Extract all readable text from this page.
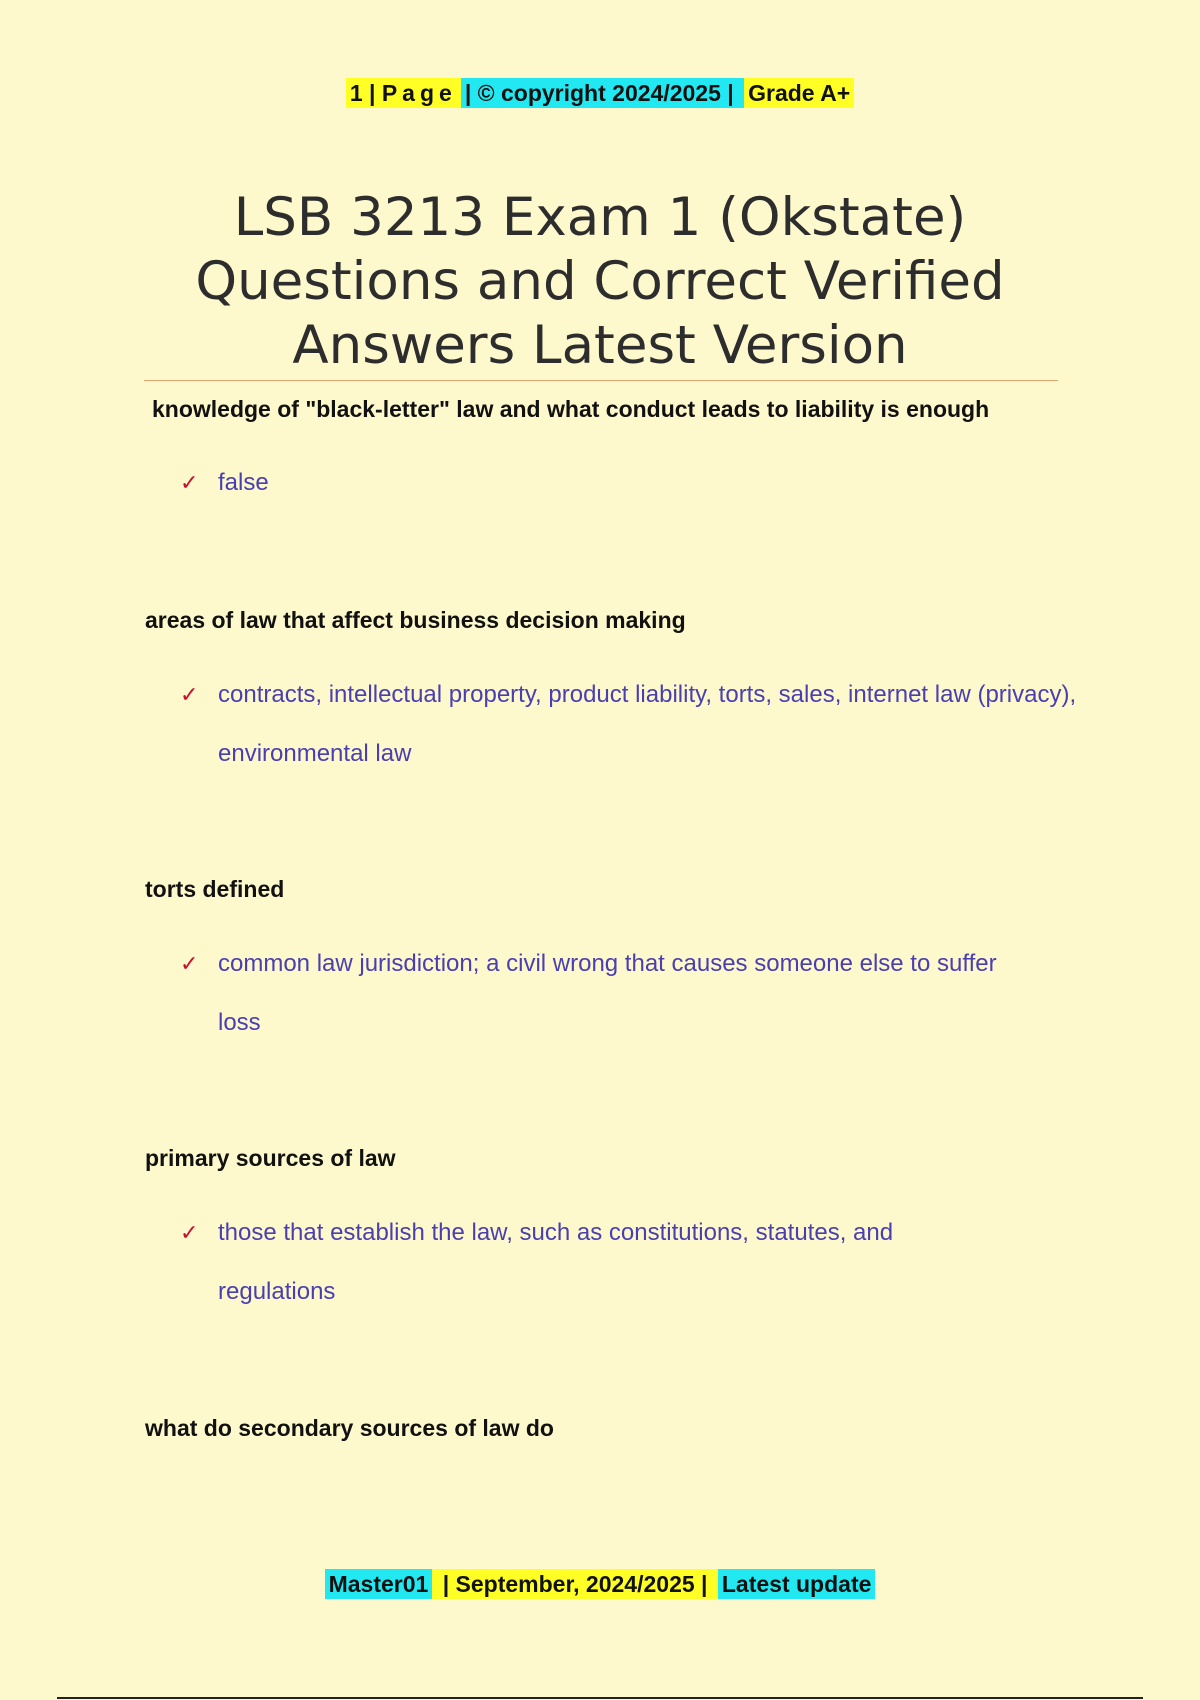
1 | Page | © copyright 2024/2025 | Grade A+
LSB 3213 Exam 1 (Okstate)
Questions and Correct Verified
Answers Latest Version
knowledge of "black-letter" law and what conduct leads to liability is enough
✓ false
areas of law that affect business decision making
✓ contracts, intellectual property, product liability, torts, sales, internet law (privacy), environmental law
torts defined
✓ common law jurisdiction; a civil wrong that causes someone else to suffer loss
primary sources of law
✓ those that establish the law, such as constitutions, statutes, and regulations
what do secondary sources of law do
Master01 | September, 2024/2025 | Latest update
